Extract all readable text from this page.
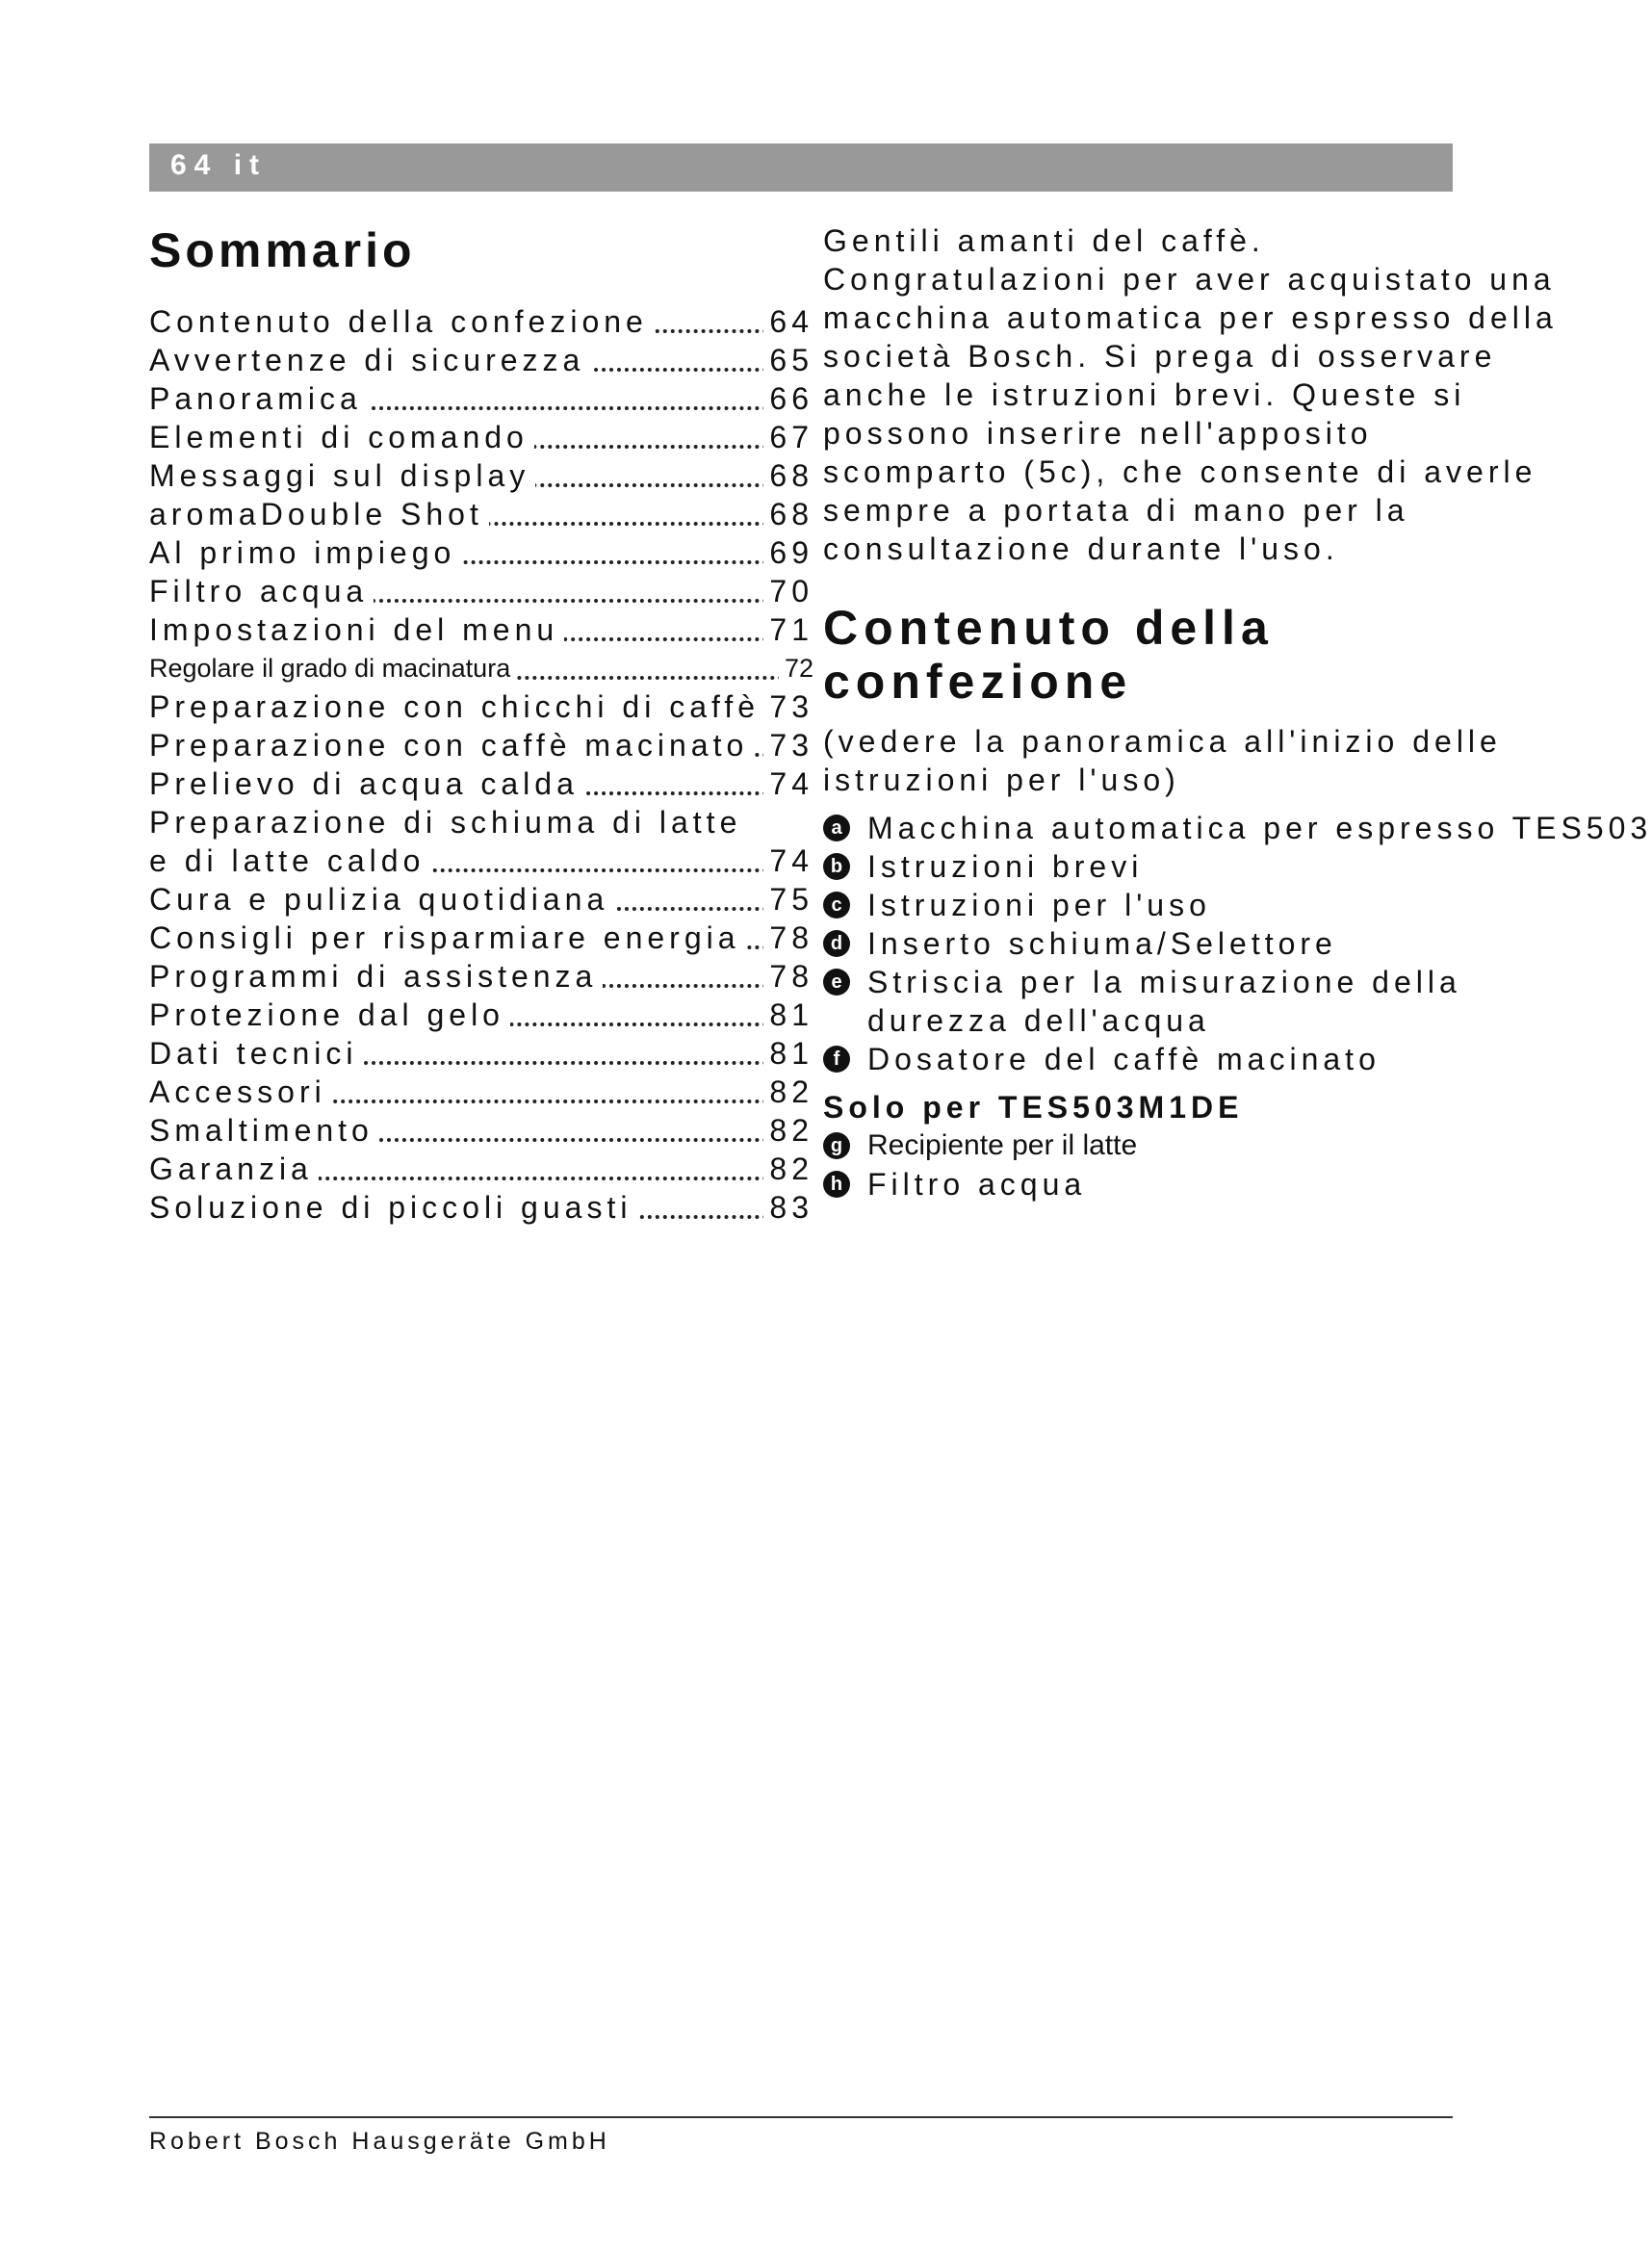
64 it
Sommario
Contenuto della confezione	64
Avvertenze di sicurezza	65
Panoramica	66
Elementi di comando	67
Messaggi sul display	68
aromaDouble Shot	68
Al primo impiego	69
Filtro acqua	70
Impostazioni del menu	71
Regolare il grado di macinatura	72
Preparazione con chicchi di caffè 73
Preparazione con caffè macinato 73
Prelievo di acqua calda	74
Preparazione di schiuma di latte
e di latte caldo	74
Cura e pulizia quotidiana	75
Consigli per risparmiare energia 78
Programmi di assistenza	78
Protezione dal gelo	81
Dati tecnici	81
Accessori	82
Smaltimento	82
Garanzia	82
Soluzione di piccoli guasti	83

Gentili amanti del caffè. Congratulazioni per aver acquistato una macchina automatica per espresso della società Bosch. Si prega di osservare anche le istruzioni brevi. Queste si possono inserire nell'apposito scomparto (5c), che consente di averle sempre a portata di mano per la consultazione durante l'uso.

Contenuto della confezione

(vedere la panoramica all'inizio delle istruzioni per l'uso)

a Macchina automatica per espresso TES503
b Istruzioni brevi
c Istruzioni per l'uso
d Inserto schiuma/Selettore
e Striscia per la misurazione della durezza dell'acqua
f Dosatore del caffè macinato
Solo per TES503M1DE
g Recipiente per il latte
h Filtro acqua
Robert Bosch Hausgeräte GmbH
